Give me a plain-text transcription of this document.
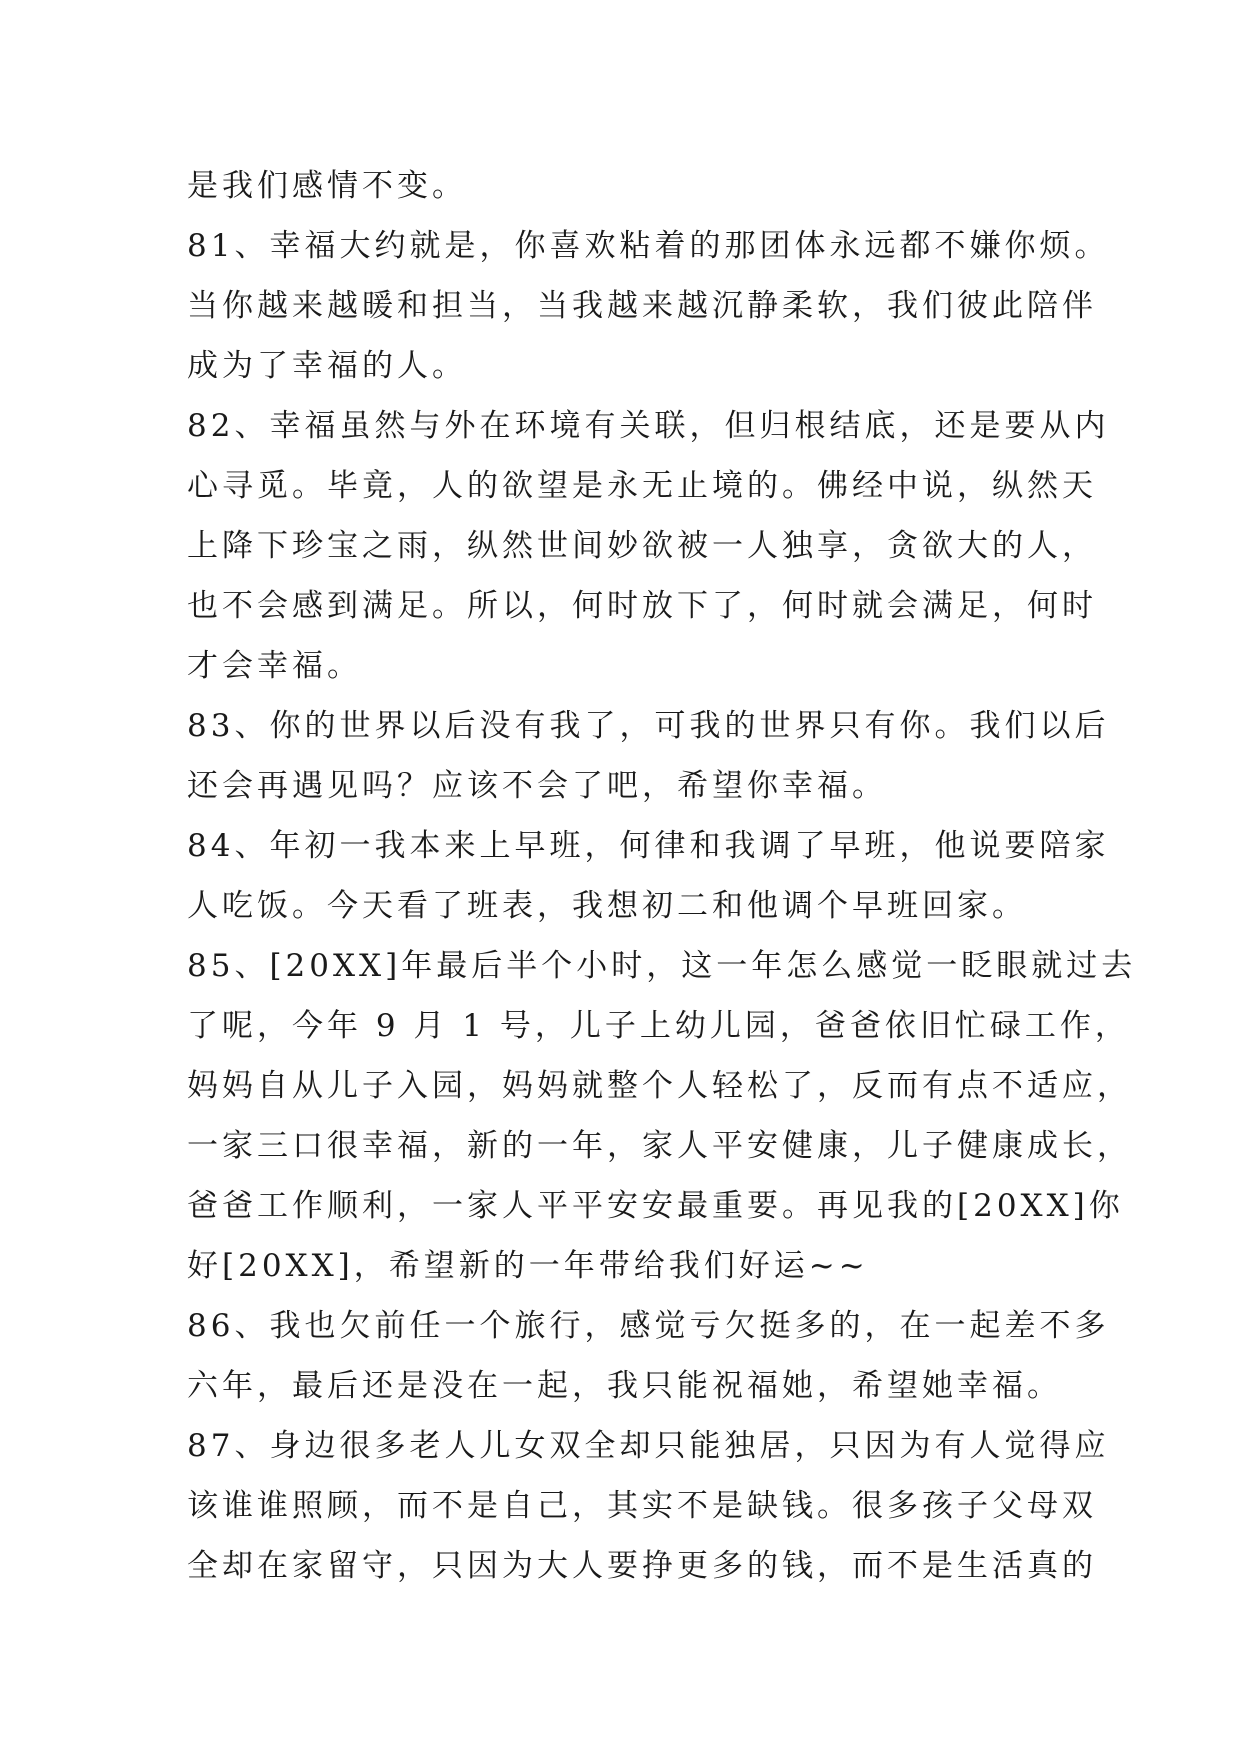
是我们感情不变。
81、幸福大约就是，你喜欢粘着的那团体永远都不嫌你烦。
当你越来越暖和担当，当我越来越沉静柔软，我们彼此陪伴
成为了幸福的人。
82、幸福虽然与外在环境有关联，但归根结底，还是要从内
心寻觅。毕竟，人的欲望是永无止境的。佛经中说，纵然天
上降下珍宝之雨，纵然世间妙欲被一人独享，贪欲大的人，
也不会感到满足。所以，何时放下了，何时就会满足，何时
才会幸福。
83、你的世界以后没有我了，可我的世界只有你。我们以后
还会再遇见吗？应该不会了吧，希望你幸福。
84、年初一我本来上早班，何律和我调了早班，他说要陪家
人吃饭。今天看了班表，我想初二和他调个早班回家。
85、[20XX]年最后半个小时，这一年怎么感觉一眨眼就过去
了呢，今年 9 月 1 号，儿子上幼儿园，爸爸依旧忙碌工作，
妈妈自从儿子入园，妈妈就整个人轻松了，反而有点不适应，
一家三口很幸福，新的一年，家人平安健康，儿子健康成长，
爸爸工作顺利，一家人平平安安最重要。再见我的[20XX]你
好[20XX]，希望新的一年带给我们好运~~
86、我也欠前任一个旅行，感觉亏欠挺多的，在一起差不多
六年，最后还是没在一起，我只能祝福她，希望她幸福。
87、身边很多老人儿女双全却只能独居，只因为有人觉得应
该谁谁照顾，而不是自己，其实不是缺钱。很多孩子父母双
全却在家留守，只因为大人要挣更多的钱，而不是生活真的
